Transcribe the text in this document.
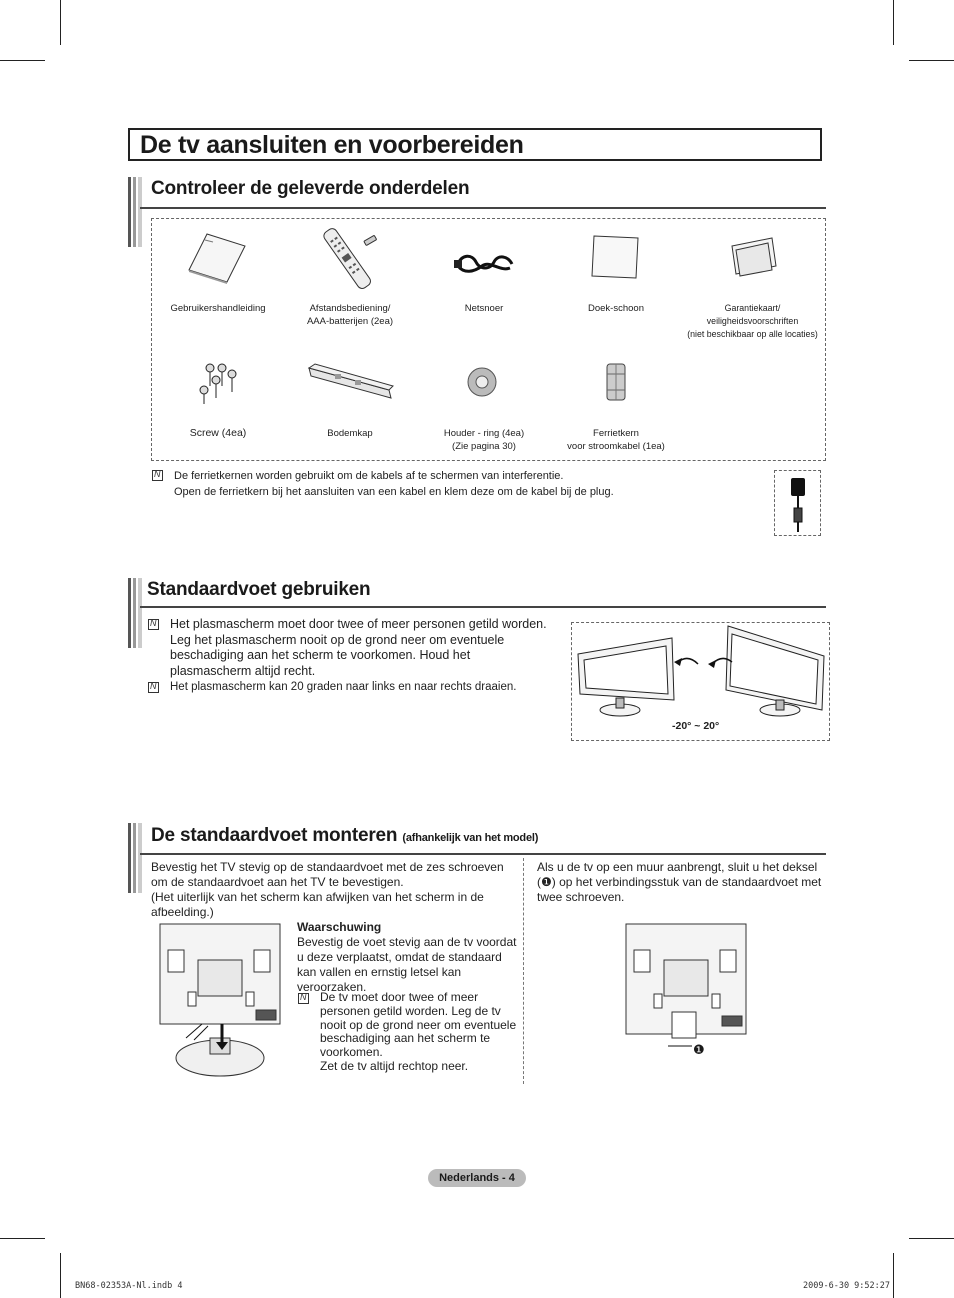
De tv aansluiten en voorbereiden
Controleer de geleverde onderdelen
Gebruikershandleiding	Afstandsbediening/
AAA-batterijen (2ea)
Netsnoer	Doek-schoon	Garantiekaart/
veiligheidsvoorschriften
(niet beschikbaar op alle locaties)
Screw (4ea)	Bodemkap	Houder - ring (4ea)
(Zie pagina 30)
Ferrietkern
voor stroomkabel (1ea)
N
De ferrietkernen worden gebruikt om de kabels af te schermen van interferentie.
Open de ferrietkern bij het aansluiten van een kabel en klem deze om de kabel bij de plug.
Standaardvoet gebruiken
N
Het plasmascherm moet door twee of meer personen getild worden. Leg het plasmascherm nooit op de grond neer om eventuele beschadiging aan het scherm te voorkomen. Houd het plasmascherm altijd recht.
N
Het plasmascherm kan 20 graden naar links en naar rechts draaien.
-20° ~ 20°
De standaardvoet monteren (afhankelijk van het model)
Bevestig het TV stevig op de standaardvoet met de zes schroeven om de standaardvoet aan het TV te bevestigen.
(Het uiterlijk van het scherm kan afwijken van het scherm in de afbeelding.)
Waarschuwing
Bevestig de voet stevig aan de tv voordat u deze verplaatst, omdat de standaard kan vallen en ernstig letsel kan veroorzaken.
N
De tv moet door twee of meer personen getild worden. Leg de tv nooit op de grond neer om eventuele beschadiging aan het scherm te voorkomen.
Zet de tv altijd rechtop neer.
Als u de tv op een muur aanbrengt, sluit u het deksel (❶) op het verbindingsstuk van de standaardvoet met twee schroeven.
❶
Nederlands - 4
BN68-02353A-Nl.indb 4	2009-6-30 9:52:27
